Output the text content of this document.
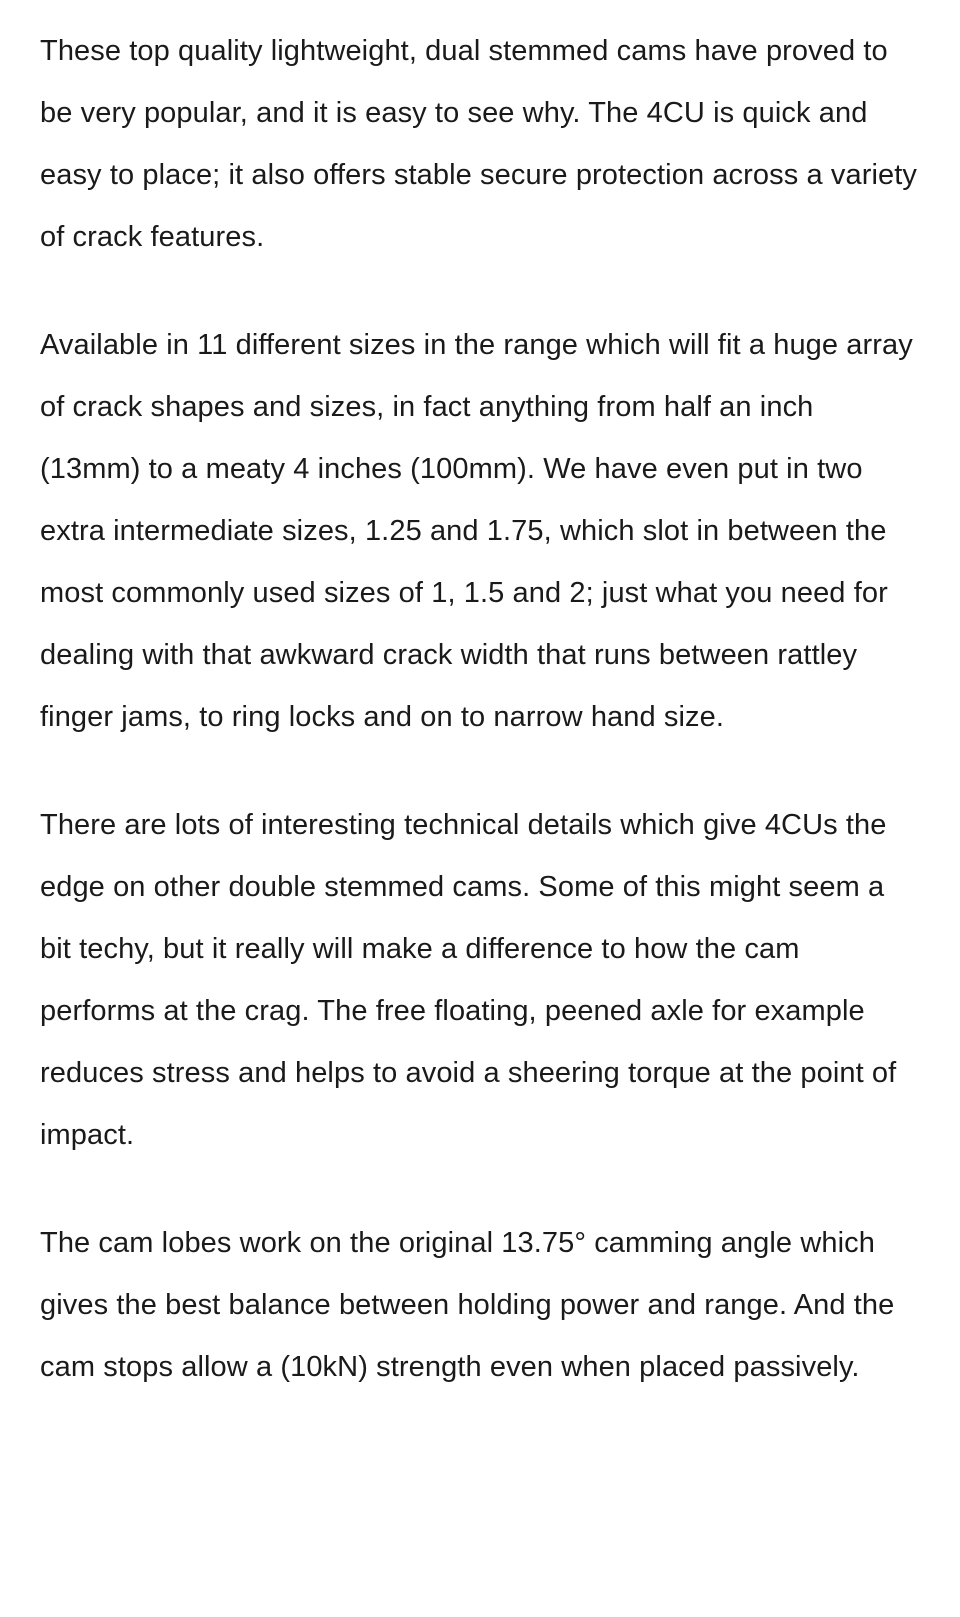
These top quality lightweight, dual stemmed cams have proved to be very popular, and it is easy to see why. The 4CU is quick and easy to place; it also offers stable secure protection across a variety of crack features.

Available in 11 different sizes in the range which will fit a huge array of crack shapes and sizes, in fact anything from half an inch (13mm) to a meaty 4 inches (100mm). We have even put in two extra intermediate sizes, 1.25 and 1.75, which slot in between the most commonly used sizes of 1, 1.5 and 2; just what you need for dealing with that awkward crack width that runs between rattley finger jams, to ring locks and on to narrow hand size.

There are lots of interesting technical details which give 4CUs the edge on other double stemmed cams. Some of this might seem a bit techy, but it really will make a difference to how the cam performs at the crag. The free floating, peened axle for example reduces stress and helps to avoid a sheering torque at the point of impact.

The cam lobes work on the original 13.75° camming angle which gives the best balance between holding power and range. And the cam stops allow a (10kN) strength even when placed passively.
